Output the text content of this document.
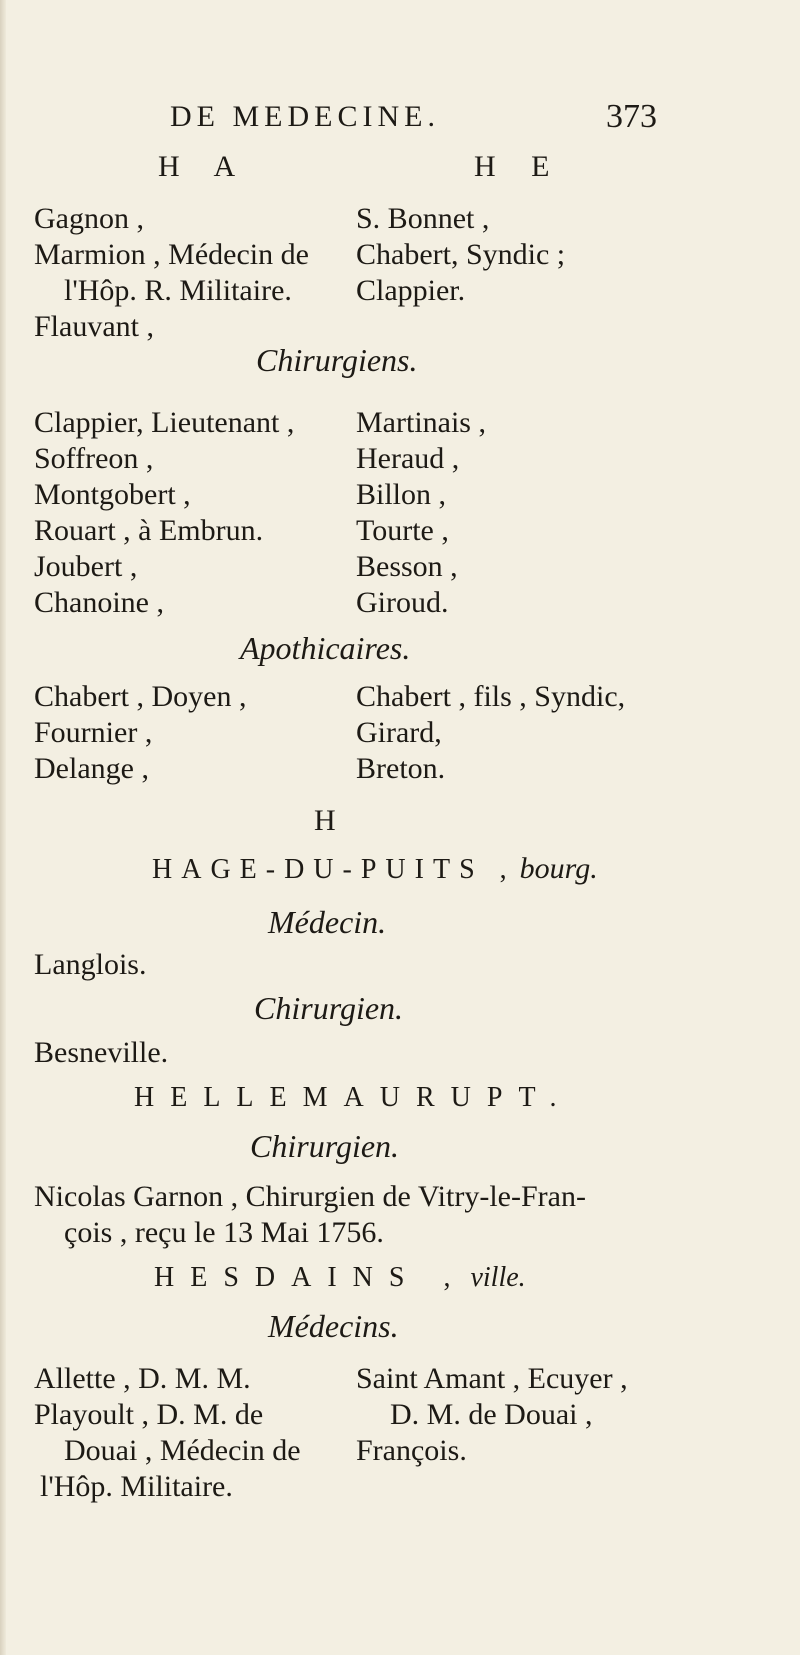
DE MEDECINE.	373
H A	H E
Gagnon ,
Marmion , Médecin de
l'Hôp. R. Militaire.
Flauvant ,
S. Bonnet ,
Chabert, Syndic ;
Clappier.
Chirurgiens.
Clappier, Lieutenant ,
Soffreon ,
Montgobert ,
Rouart , à Embrun.
Joubert ,
Chanoine ,
Martinais ,
Heraud ,
Billon ,
Tourte ,
Besson ,
Giroud.
Apothicaires.
Chabert , Doyen ,
Fournier ,
Delange ,
Chabert , fils , Syndic,
Girard,
Breton.
H
HAGE-DU-PUITS , bourg.
Médecin.
Langlois.
Chirurgien.
Besneville.
HELLEMAURUPT.
Chirurgien.
Nicolas Garnon , Chirurgien de Vitry-le-Fran-
çois , reçu le 13 Mai 1756.
HESDAINS , ville.
Médecins.
Allette , D. M. M.
Playoult , D. M. de
Douai , Médecin de
l'Hôp. Militaire.
Saint Amant , Ecuyer ,
D. M. de Douai ,
François.
